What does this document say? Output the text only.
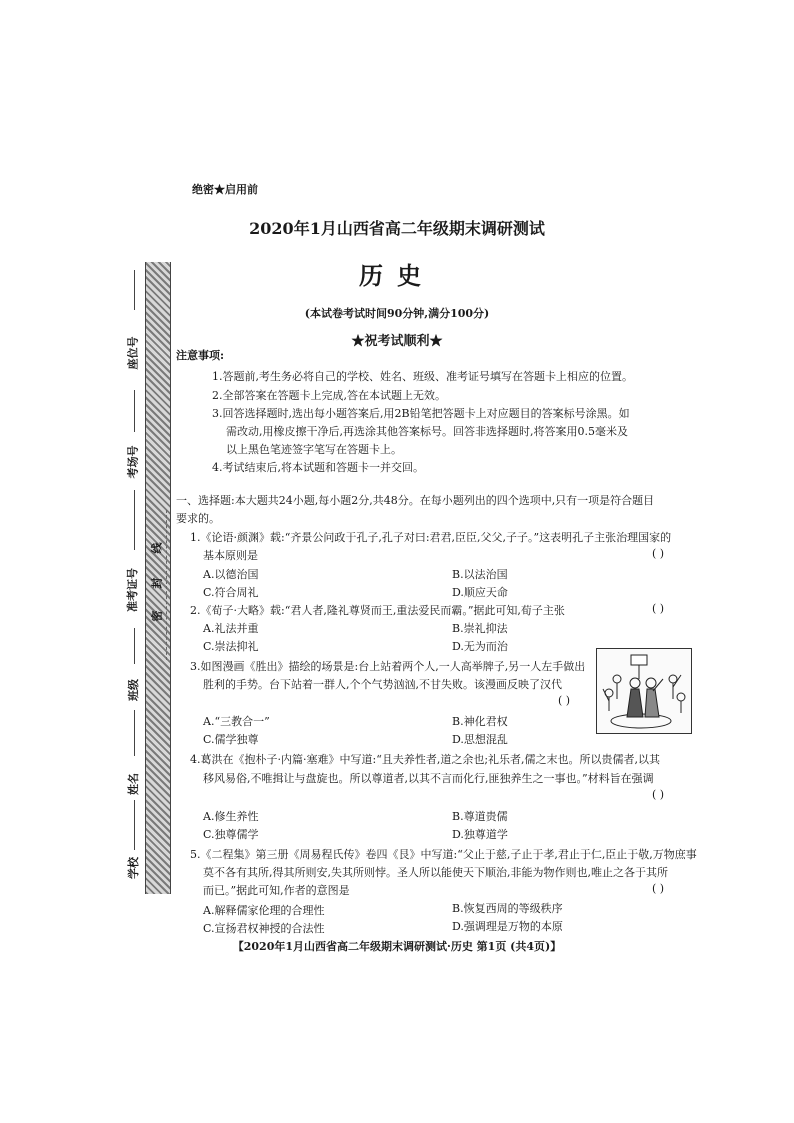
座位号
考场号
准考证号
班级
姓名
学校
线
封
密
绝密★启用前
2020年1月山西省高二年级期末调研测试
历史
(本试卷考试时间90分钟,满分100分)
★祝考试顺利★
注意事项:
1.答题前,考生务必将自己的学校、姓名、班级、准考证号填写在答题卡上相应的位置。
2.全部答案在答题卡上完成,答在本试题上无效。
3.回答选择题时,选出每小题答案后,用2B铅笔把答题卡上对应题目的答案标号涂黑。如
需改动,用橡皮擦干净后,再选涂其他答案标号。回答非选择题时,将答案用0.5毫米及
以上黑色笔迹签字笔写在答题卡上。
4.考试结束后,将本试题和答题卡一并交回。
一、选择题:本大题共24小题,每小题2分,共48分。在每小题列出的四个选项中,只有一项是符合题目
要求的。
1.《论语·颜渊》载:“齐景公问政于孔子,孔子对曰:君君,臣臣,父父,子子。”这表明孔子主张治理国家的
基本原则是	( )
A.以德治国	B.以法治国
C.符合周礼	D.顺应天命
2.《荀子·大略》载:“君人者,隆礼尊贤而王,重法爱民而霸。”据此可知,荀子主张	( )
A.礼法并重	B.崇礼抑法
C.崇法抑礼	D.无为而治
3.如图漫画《胜出》描绘的场景是:台上站着两个人,一人高举牌子,另一人左手做出
胜利的手势。台下站着一群人,个个气势汹汹,不甘失败。该漫画反映了汉代
( )
A.“三教合一”	B.神化君权
C.儒学独尊	D.思想混乱
4.葛洪在《抱朴子·内篇·塞难》中写道:“且夫养性者,道之余也;礼乐者,儒之末也。所以贵儒者,以其
移风易俗,不唯揖让与盘旋也。所以尊道者,以其不言而化行,匪独养生之一事也。”材料旨在强调
( )
A.修生养性	B.尊道贵儒
C.独尊儒学	D.独尊道学
5.《二程集》第三册《周易程氏传》卷四《艮》中写道:“父止于慈,子止于孝,君止于仁,臣止于敬,万物庶事
莫不各有其所,得其所则安,失其所则悖。圣人所以能使天下顺治,非能为物作则也,唯止之各于其所
而已。”据此可知,作者的意图是	( )
A.解释儒家伦理的合理性	B.恢复西周的等级秩序
C.宣扬君权神授的合法性	D.强调理是万物的本原
【2020年1月山西省高二年级期末调研测试·历史 第1页 (共4页)】
